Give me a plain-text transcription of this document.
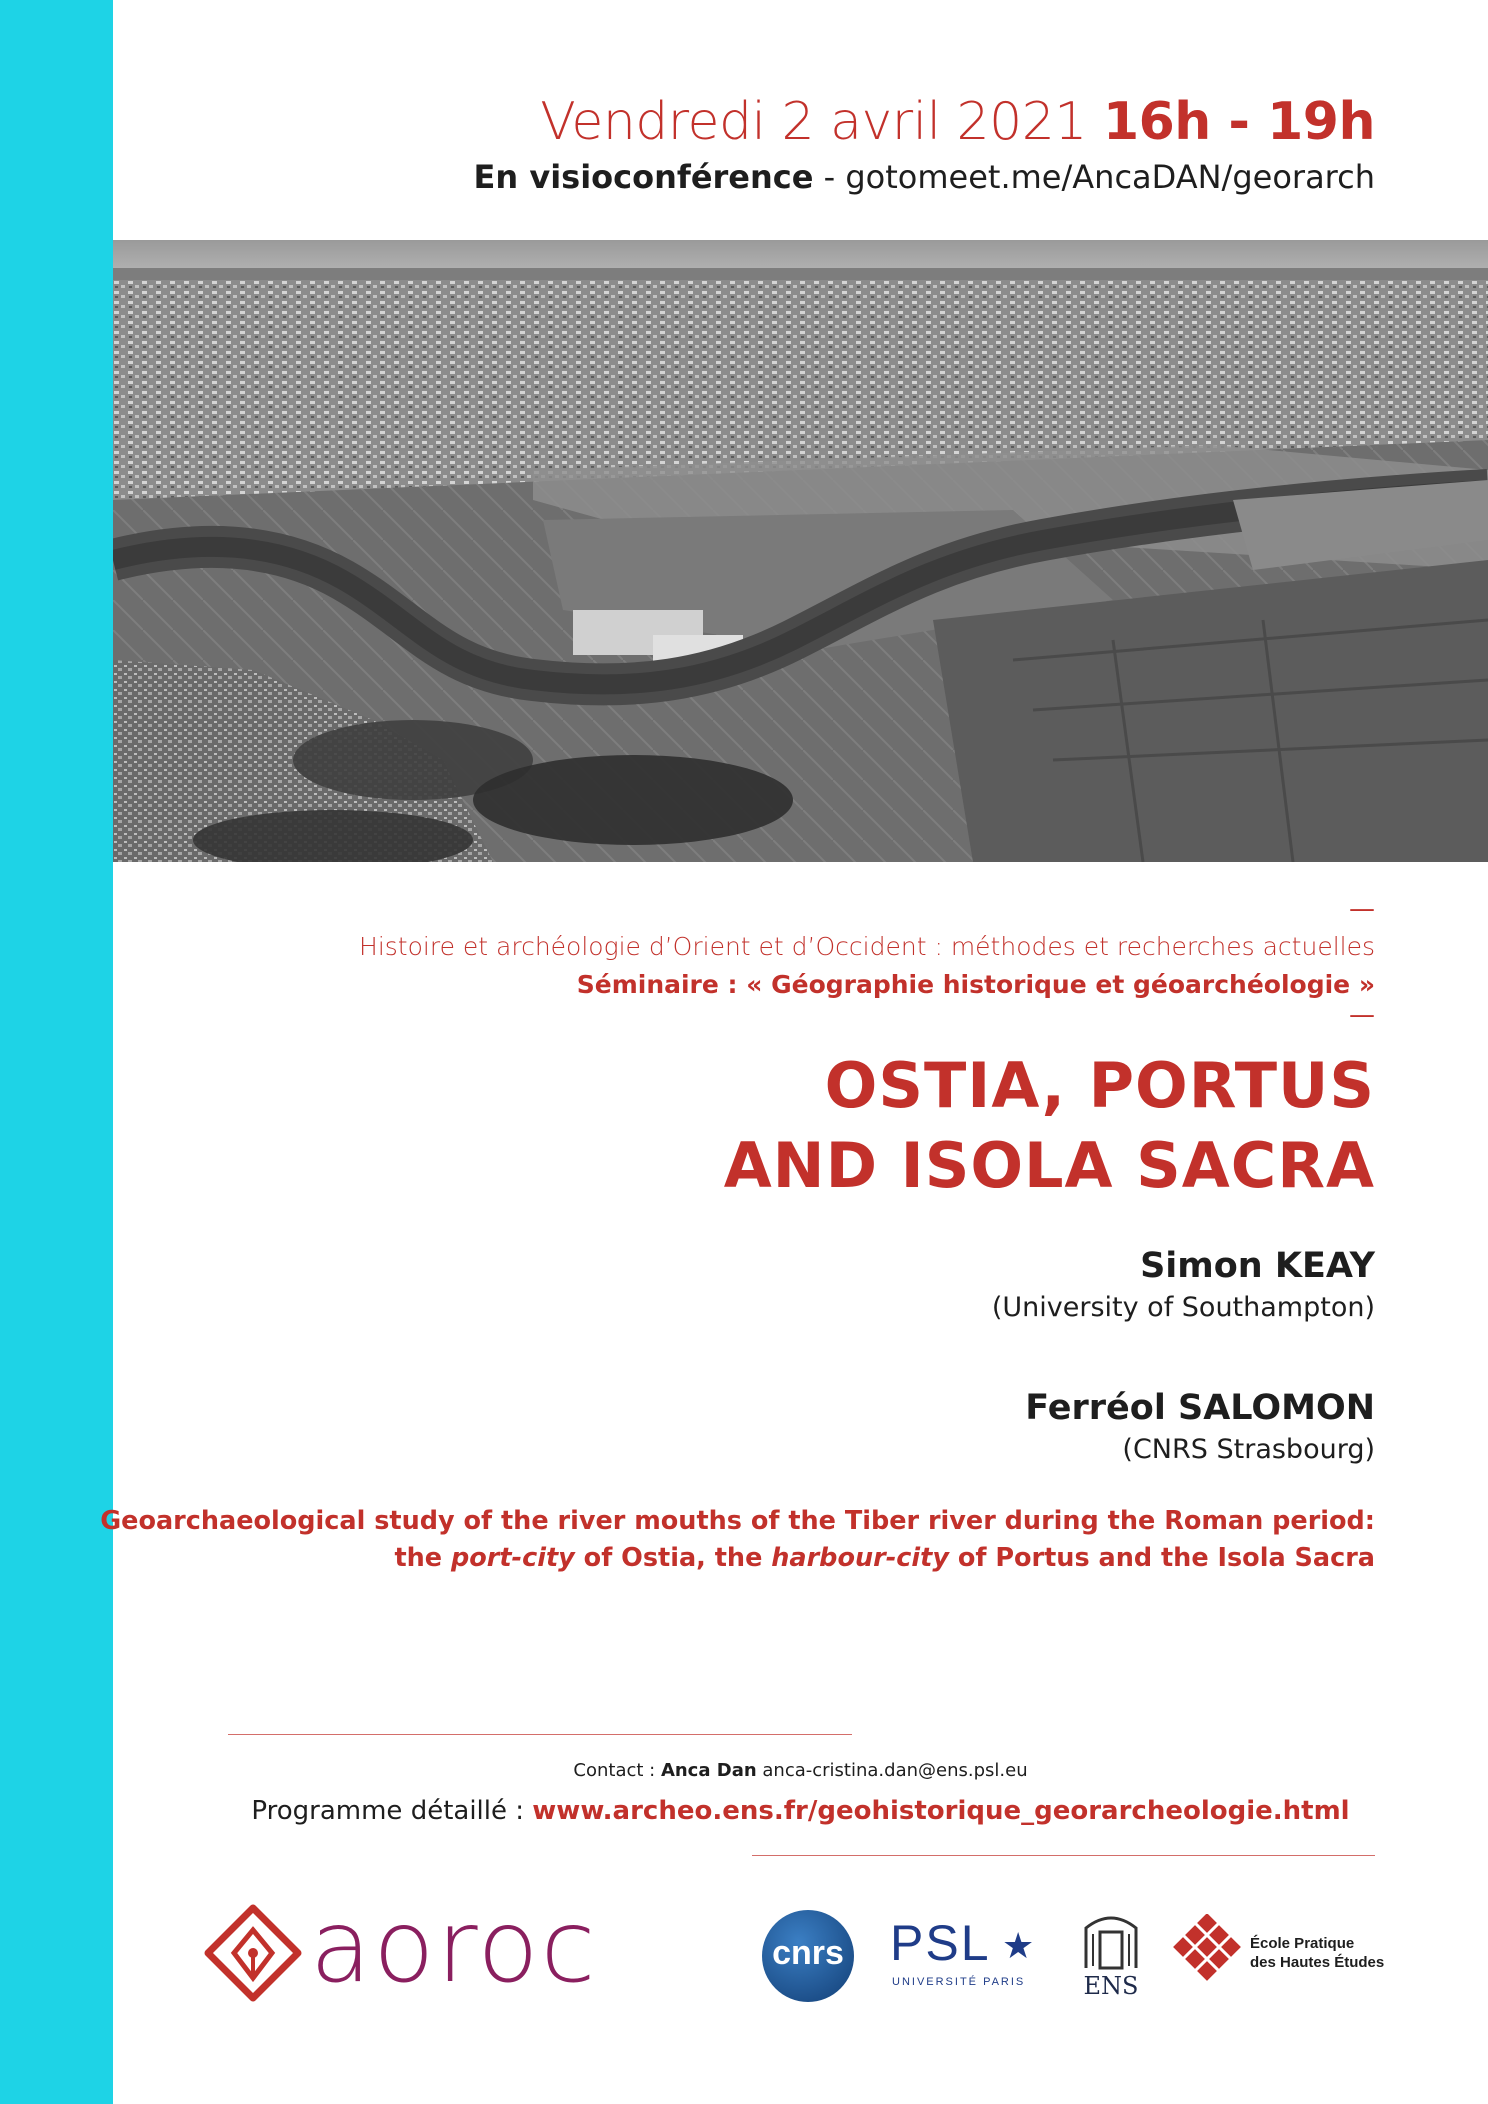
Vendredi 2 avril 2021 16h - 19h
En visioconférence - gotomeet.me/AncaDAN/georarch
—
Histoire et archéologie d’Orient et d’Occident : méthodes et recherches actuelles
Séminaire : « Géographie historique et géoarchéologie »
—
OSTIA, PORTUS
AND ISOLA SACRA
Simon KEAY
(University of Southampton)
Ferréol SALOMON
(CNRS Strasbourg)
Geoarchaeological study of the river mouths of the Tiber river during the Roman period:
the port-city of Ostia, the harbour-city of Portus and the Isola Sacra
Contact : Anca Dan anca-cristina.dan@ens.psl.eu
Programme détaillé : www.archeo.ens.fr/geohistorique_georarcheologie.html
aoroc	cnrs PSL ★
UNIVERSITÉ PARIS ENS
École Pratique
des Hautes Études
